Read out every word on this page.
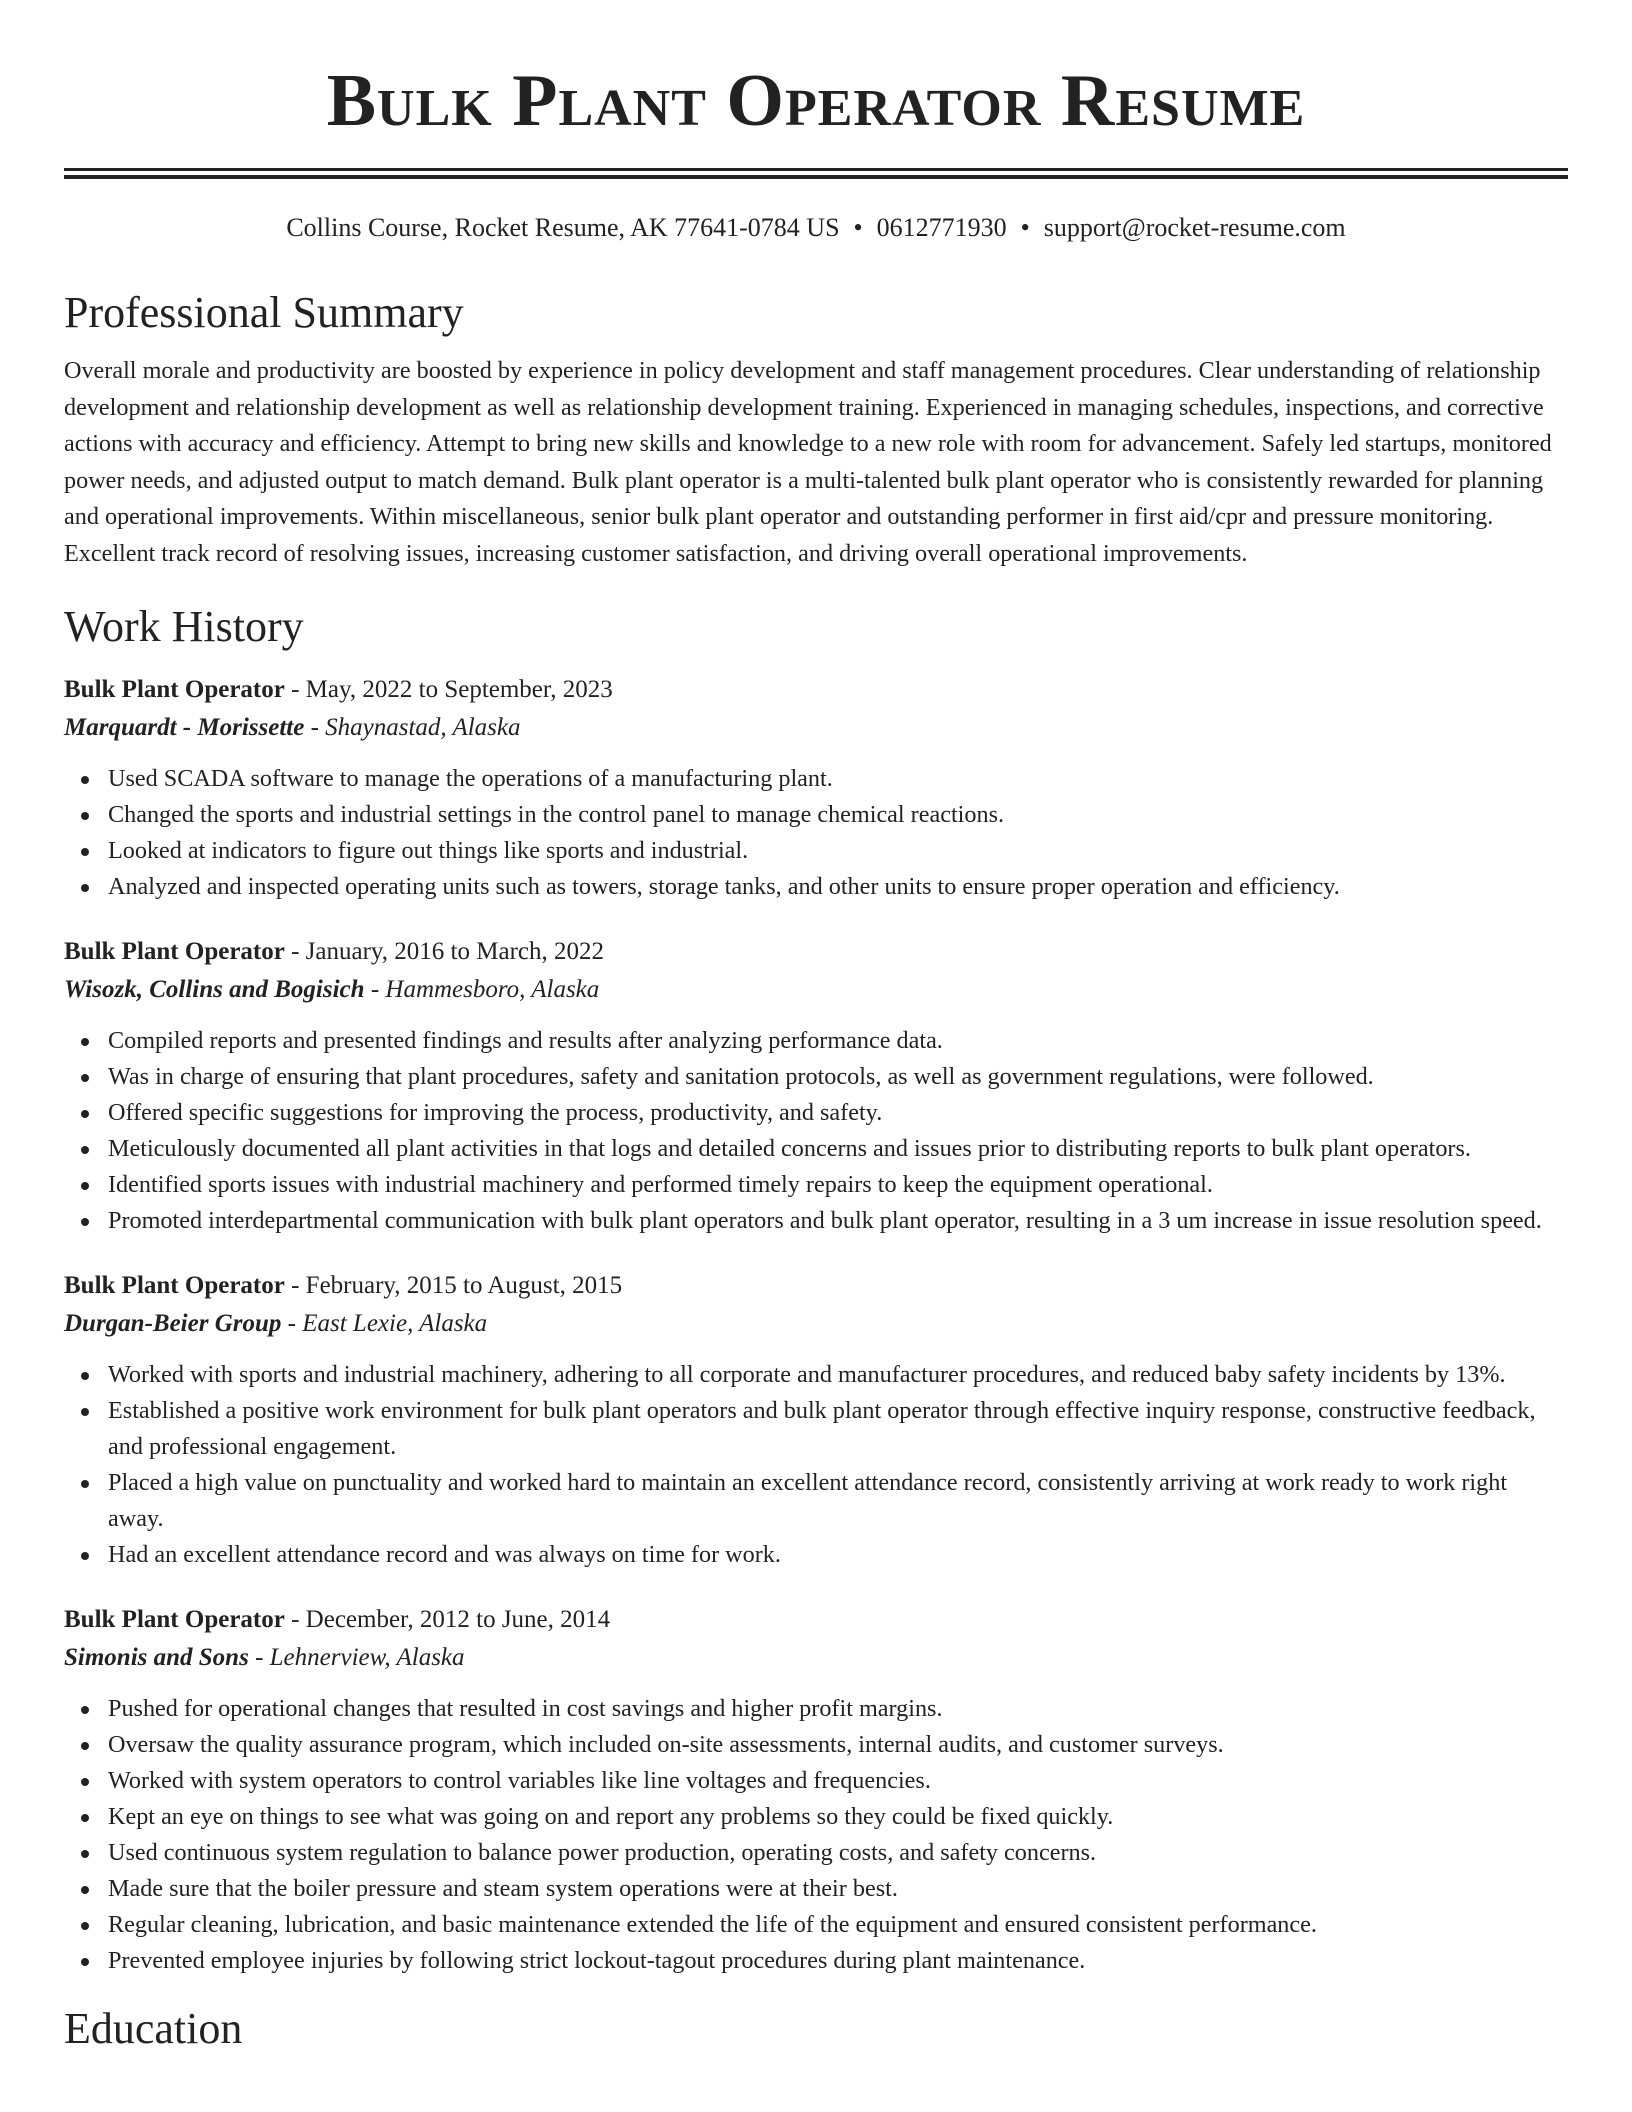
Bulk Plant Operator Resume
Collins Course, Rocket Resume, AK 77641-0784 US • 0612771930 • support@rocket-resume.com
Professional Summary
Overall morale and productivity are boosted by experience in policy development and staff management procedures. Clear understanding of relationship development and relationship development as well as relationship development training. Experienced in managing schedules, inspections, and corrective actions with accuracy and efficiency. Attempt to bring new skills and knowledge to a new role with room for advancement. Safely led startups, monitored power needs, and adjusted output to match demand. Bulk plant operator is a multi-talented bulk plant operator who is consistently rewarded for planning and operational improvements. Within miscellaneous, senior bulk plant operator and outstanding performer in first aid/cpr and pressure monitoring. Excellent track record of resolving issues, increasing customer satisfaction, and driving overall operational improvements.
Work History
Bulk Plant Operator - May, 2022 to September, 2023
Marquardt - Morissette - Shaynastad, Alaska
Used SCADA software to manage the operations of a manufacturing plant.
Changed the sports and industrial settings in the control panel to manage chemical reactions.
Looked at indicators to figure out things like sports and industrial.
Analyzed and inspected operating units such as towers, storage tanks, and other units to ensure proper operation and efficiency.
Bulk Plant Operator - January, 2016 to March, 2022
Wisozk, Collins and Bogisich - Hammesboro, Alaska
Compiled reports and presented findings and results after analyzing performance data.
Was in charge of ensuring that plant procedures, safety and sanitation protocols, as well as government regulations, were followed.
Offered specific suggestions for improving the process, productivity, and safety.
Meticulously documented all plant activities in that logs and detailed concerns and issues prior to distributing reports to bulk plant operators.
Identified sports issues with industrial machinery and performed timely repairs to keep the equipment operational.
Promoted interdepartmental communication with bulk plant operators and bulk plant operator, resulting in a 3 um increase in issue resolution speed.
Bulk Plant Operator - February, 2015 to August, 2015
Durgan-Beier Group - East Lexie, Alaska
Worked with sports and industrial machinery, adhering to all corporate and manufacturer procedures, and reduced baby safety incidents by 13%.
Established a positive work environment for bulk plant operators and bulk plant operator through effective inquiry response, constructive feedback, and professional engagement.
Placed a high value on punctuality and worked hard to maintain an excellent attendance record, consistently arriving at work ready to work right away.
Had an excellent attendance record and was always on time for work.
Bulk Plant Operator - December, 2012 to June, 2014
Simonis and Sons - Lehnerview, Alaska
Pushed for operational changes that resulted in cost savings and higher profit margins.
Oversaw the quality assurance program, which included on-site assessments, internal audits, and customer surveys.
Worked with system operators to control variables like line voltages and frequencies.
Kept an eye on things to see what was going on and report any problems so they could be fixed quickly.
Used continuous system regulation to balance power production, operating costs, and safety concerns.
Made sure that the boiler pressure and steam system operations were at their best.
Regular cleaning, lubrication, and basic maintenance extended the life of the equipment and ensured consistent performance.
Prevented employee injuries by following strict lockout-tagout procedures during plant maintenance.
Education
